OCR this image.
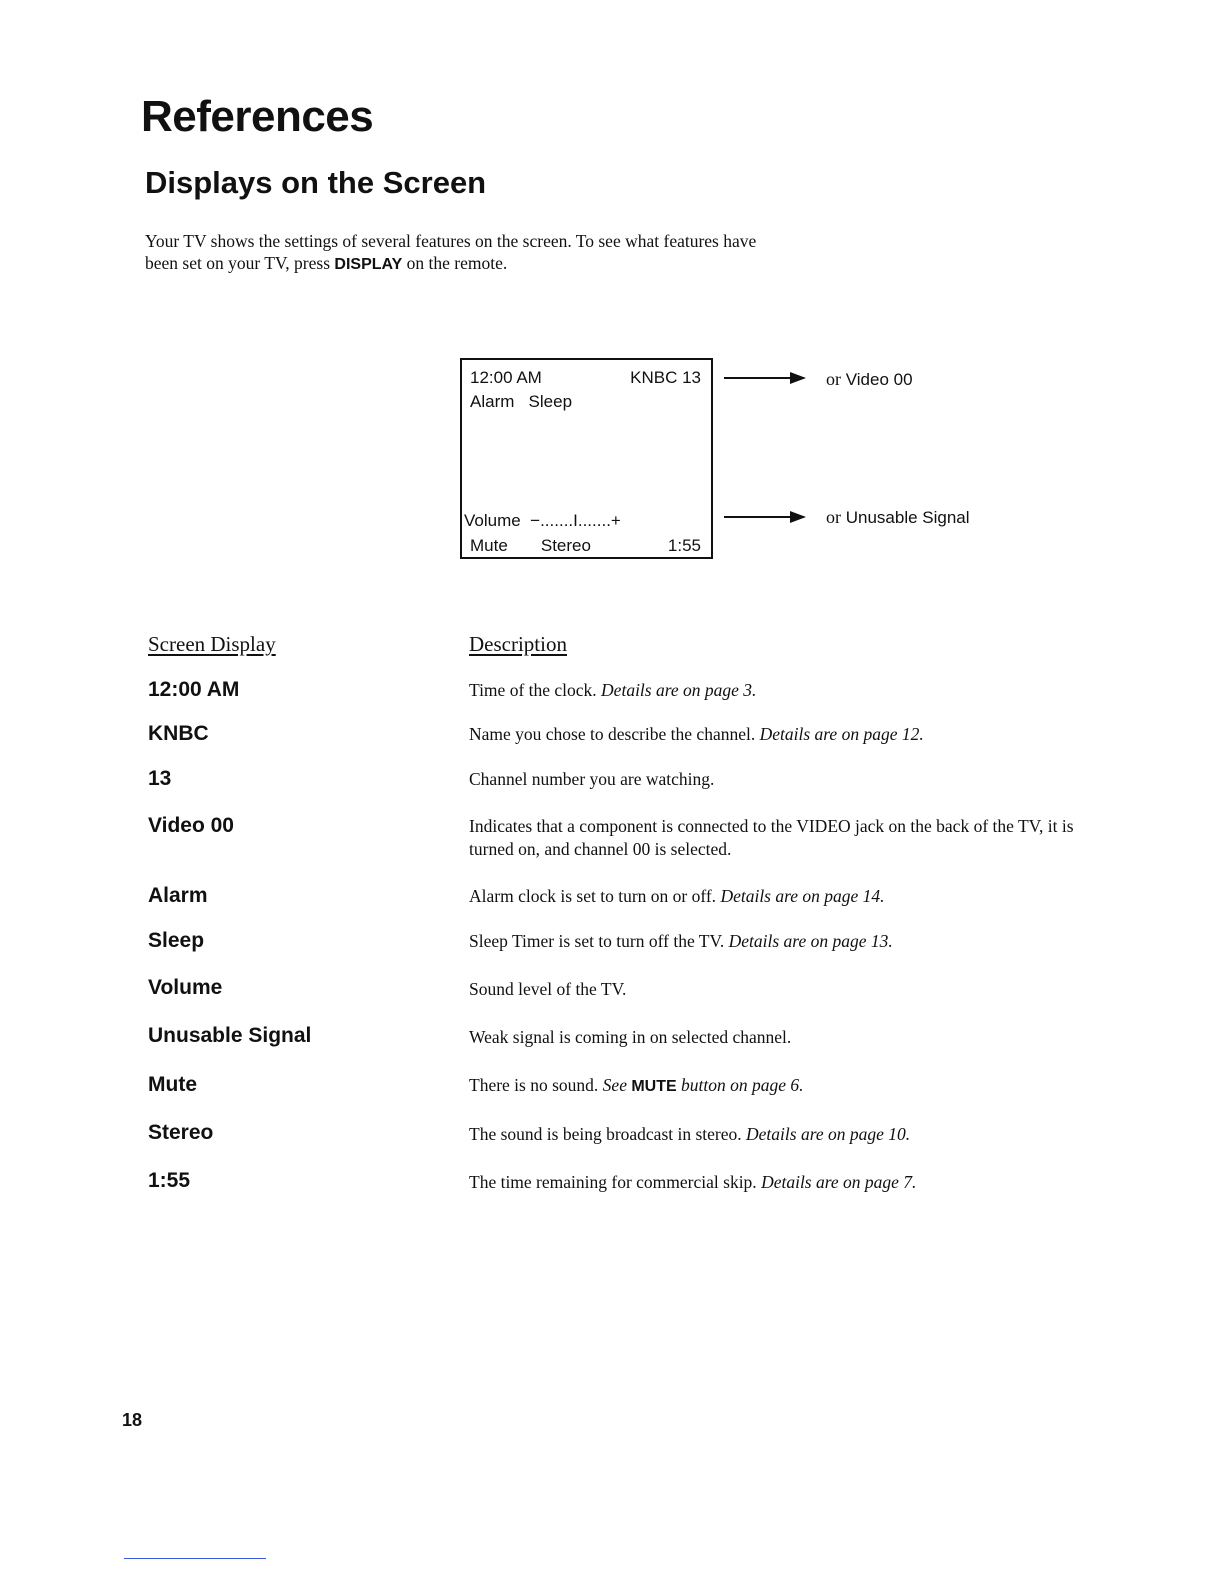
References
Displays on the Screen
Your TV shows the settings of several features on the screen. To see what features have been set on your TV, press DISPLAY on the remote.
12:00 AM	KNBC 13
Alarm   Sleep
Volume  −.......I.......+
Mute       Stereo	1:55
or Video 00
or Unusable Signal
Screen Display	Description
12:00 AM	Time of the clock. Details are on page 3.
KNBC	Name you chose to describe the channel. Details are on page 12.
13	Channel number you are watching.
Video 00	Indicates that a component is connected to the VIDEO jack on the back of the TV, it is turned on, and channel 00 is selected.
Alarm	Alarm clock is set to turn on or off. Details are on page 14.
Sleep	Sleep Timer is set to turn off the TV. Details are on page 13.
Volume	Sound level of the TV.
Unusable Signal	Weak signal is coming in on selected channel.
Mute	There is no sound. See MUTE button on page 6.
Stereo	The sound is being broadcast in stereo. Details are on page 10.
1:55	The time remaining for commercial skip. Details are on page 7.
18
